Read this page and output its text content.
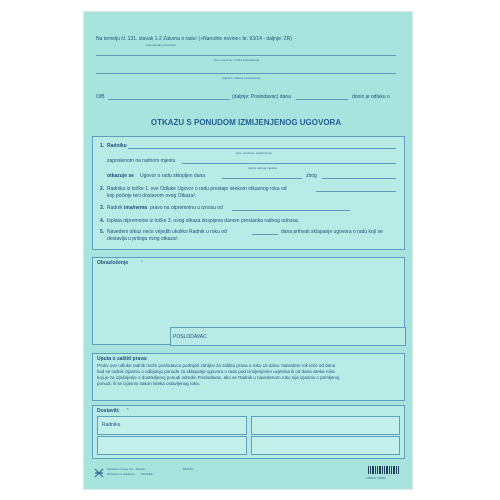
Na temelju čl. 131. stavak 1-2 Zakona o radu¹ (»Narodne novine« br. 93/14 - daljnje: ZR)
(neposredno precrtati)
(ime, prezime / tvrtka poslodavca)
(mjesto i adresa poslodavca)
OIB	(daljnje: Poslodavac) dana	donio je odluku o
OTKAZU S PONUDOM IZMIJENJENOG UGOVORA
1. Radniku
(ime, prezime, osobni broj)
zaposlenom na radnom mjestu
(naziv radnog mjesta)
otkazuje se Ugovor o radu sklopljen dana	zbog
2. Radniku iz točke 1. ove Odluke Ugovor o radu prestaje istekom otkaznog roka od
koji počinje teći dostavom ovog Otkaza².
3. Radnik ima/nema pravo na otpremninu u iznosu od
4. Isplata otpremnine iz točke 3. ovog otkaza dospijeva danom prestanka radnog odnosa.
5. Navedeni otkaz neće vrijediti ukoliko Radnik u roku od	dana prihvati sklapanje ugovora o radu koji se
dostavlja u prilogu ovog otkaza³.
Obrazloženje	4
POSLODAVAC
Uputa o zaštiti prava:
Protiv ove odluke radnik može poslodavcu podnijeti zahtjev za zaštitu prava u roku 15 dana. Navedeni rok teče od dana
kad se radnik izjasnio o odbijanju ponude za sklapanje ugovora o radu pod izmijenjenim uvjetima ili od dana isteka roka
koji je za izjašnjenje o dostavljenoj ponudi odredio Poslodavac, ako se Radnik u navedenom roku nije izjasnio o primljenoj
ponudi, ili se izjasnio nakon isteka ostavljenog roka.
Dostaviti: 5
Radniku
Narodne novine d.d., Zagreb
Obrazac za tiskanicu UT-V-4A
861193
3 856017 750260
